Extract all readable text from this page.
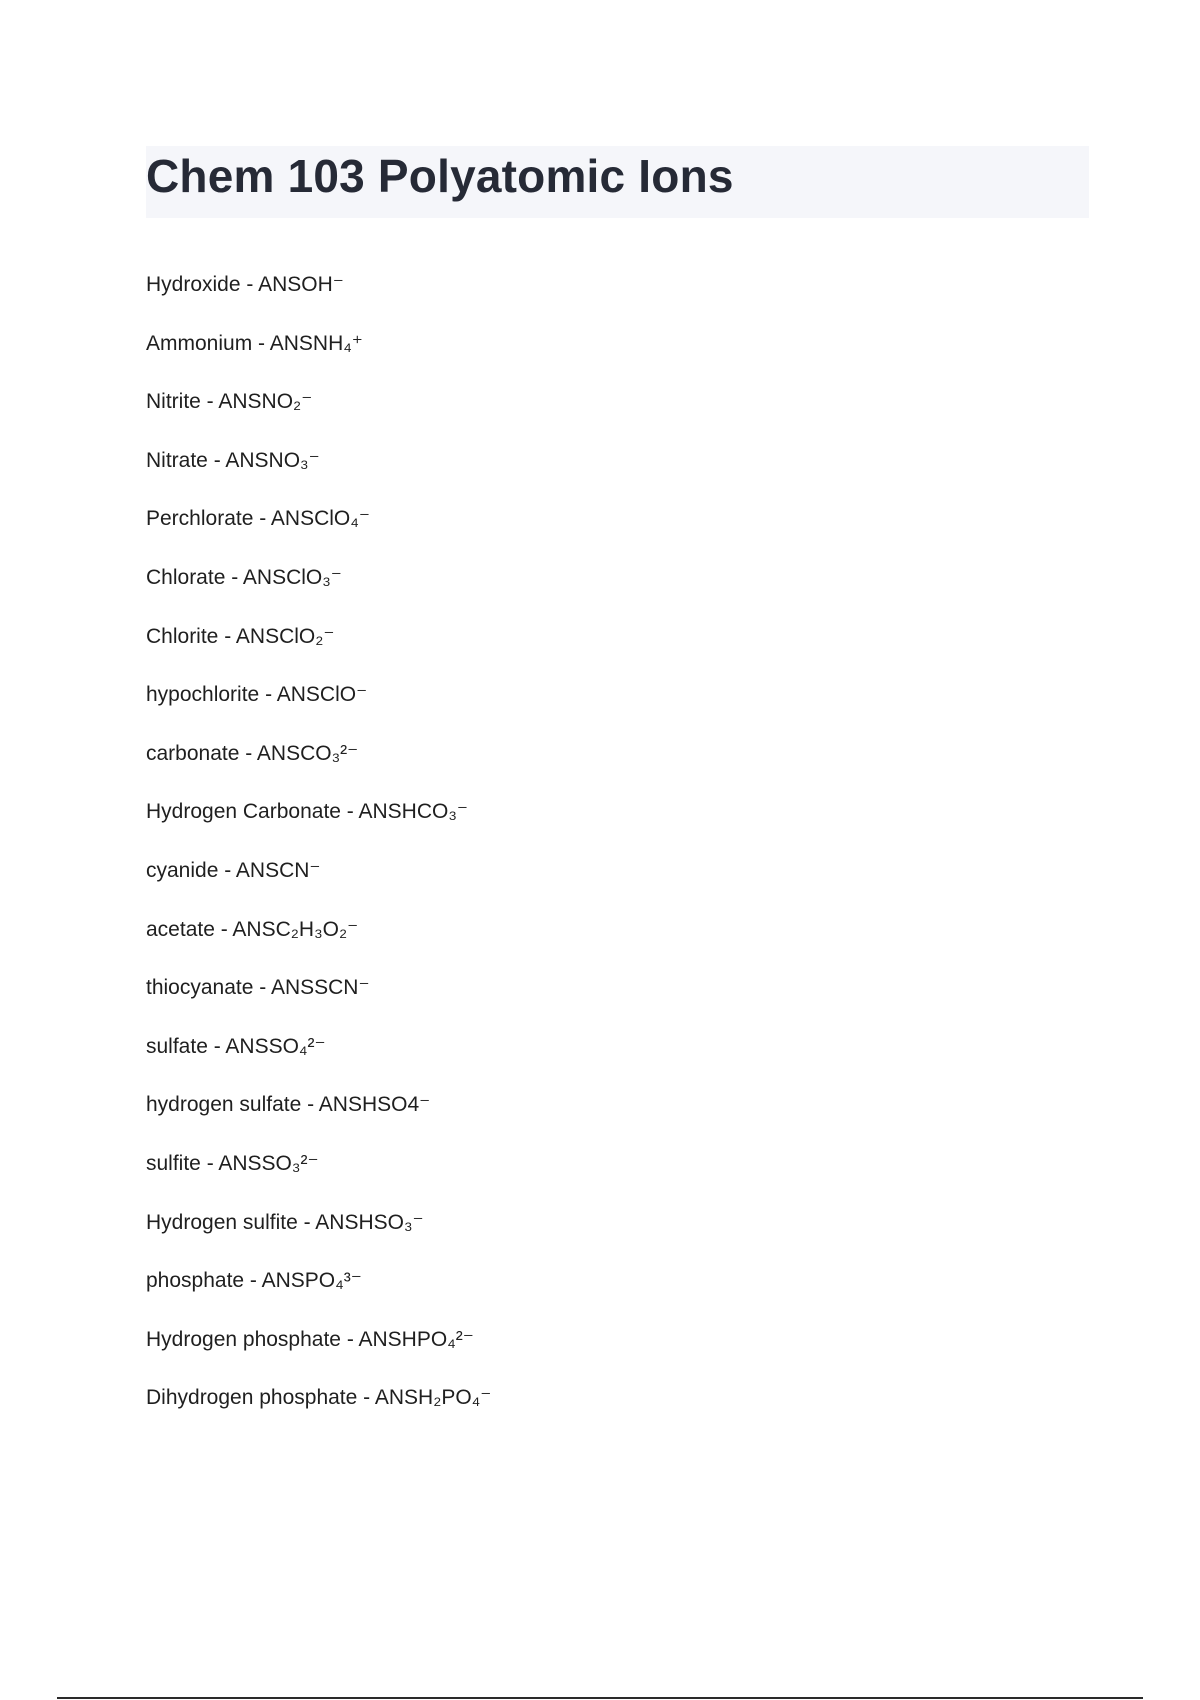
Chem 103 Polyatomic Ions
Hydroxide - ANSOH⁻
Ammonium - ANSNH₄⁺
Nitrite - ANSNO₂⁻
Nitrate - ANSNO₃⁻
Perchlorate - ANSClO₄⁻
Chlorate - ANSClO₃⁻
Chlorite - ANSClO₂⁻
hypochlorite - ANSClO⁻
carbonate - ANSCO₃²⁻
Hydrogen Carbonate - ANSHCO₃⁻
cyanide - ANSCN⁻
acetate - ANSC₂H₃O₂⁻
thiocyanate - ANSSCN⁻
sulfate - ANSSO₄²⁻
hydrogen sulfate - ANSHSO4⁻
sulfite - ANSSO₃²⁻
Hydrogen sulfite - ANSHSO₃⁻
phosphate - ANSPO₄³⁻
Hydrogen phosphate - ANSHPO₄²⁻
Dihydrogen phosphate - ANSH₂PO₄⁻
